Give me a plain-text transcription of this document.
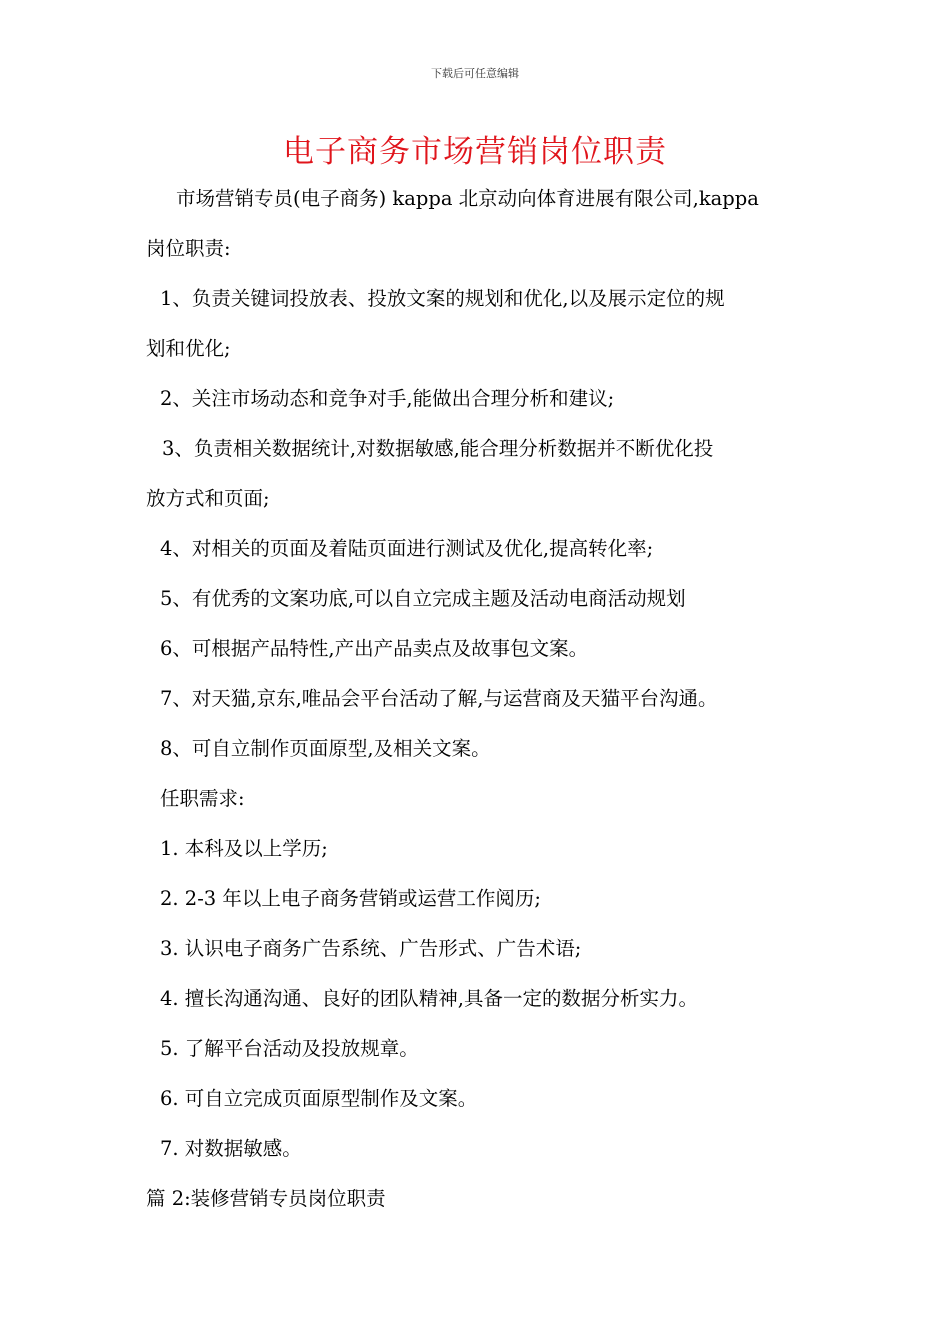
下载后可任意编辑
电子商务市场营销岗位职责
市场营销专员(电子商务) kappa 北京动向体育进展有限公司,kappa
岗位职责:
1、负责关键词投放表、投放文案的规划和优化,以及展示定位的规
划和优化;
2、关注市场动态和竞争对手,能做出合理分析和建议;
3、负责相关数据统计,对数据敏感,能合理分析数据并不断优化投
放方式和页面;
4、对相关的页面及着陆页面进行测试及优化,提高转化率;
5、有优秀的文案功底,可以自立完成主题及活动电商活动规划
6、可根据产品特性,产出产品卖点及故事包文案。
7、对天猫,京东,唯品会平台活动了解,与运营商及天猫平台沟通。
8、可自立制作页面原型,及相关文案。
任职需求:
1. 本科及以上学历;
2. 2-3 年以上电子商务营销或运营工作阅历;
3. 认识电子商务广告系统、广告形式、广告术语;
4. 擅长沟通沟通、良好的团队精神,具备一定的数据分析实力。
5. 了解平台活动及投放规章。
6. 可自立完成页面原型制作及文案。
7. 对数据敏感。
篇 2:装修营销专员岗位职责
